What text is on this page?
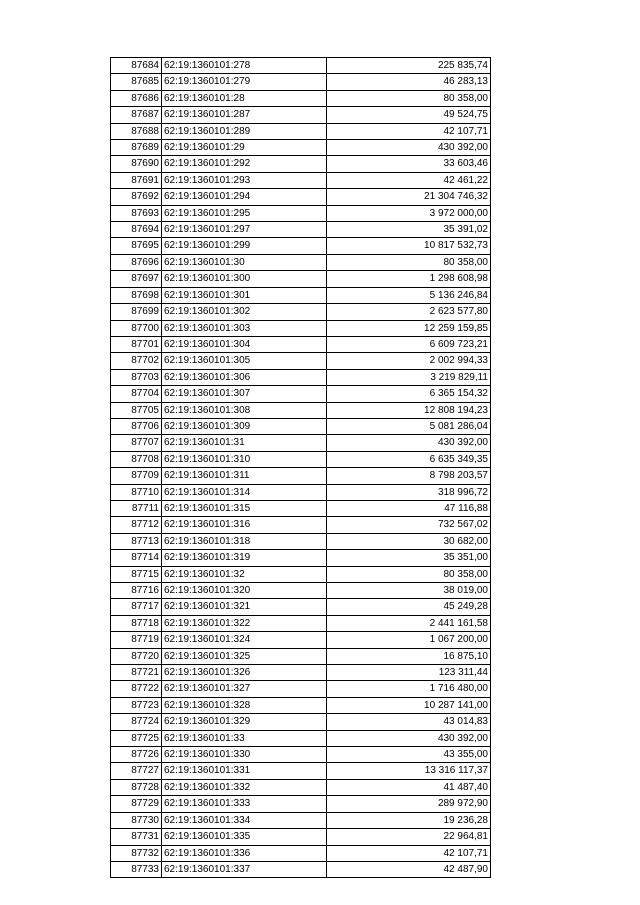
87684	62:19:1360101:278	225 835,74
87685	62:19:1360101:279	46 283,13
87686	62:19:1360101:28	80 358,00
87687	62:19:1360101:287	49 524,75
87688	62:19:1360101:289	42 107,71
87689	62:19:1360101:29	430 392,00
87690	62:19:1360101:292	33 603,46
87691	62:19:1360101:293	42 461,22
87692	62:19:1360101:294	21 304 746,32
87693	62:19:1360101:295	3 972 000,00
87694	62:19:1360101:297	35 391,02
87695	62:19:1360101:299	10 817 532,73
87696	62:19:1360101:30	80 358,00
87697	62:19:1360101:300	1 298 608,98
87698	62:19:1360101:301	5 136 246,84
87699	62:19:1360101:302	2 623 577,80
87700	62:19:1360101:303	12 259 159,85
87701	62:19:1360101:304	6 609 723,21
87702	62:19:1360101:305	2 002 994,33
87703	62:19:1360101:306	3 219 829,11
87704	62:19:1360101:307	6 365 154,32
87705	62:19:1360101:308	12 808 194,23
87706	62:19:1360101:309	5 081 286,04
87707	62:19:1360101:31	430 392,00
87708	62:19:1360101:310	6 635 349,35
87709	62:19:1360101:311	8 798 203,57
87710	62:19:1360101:314	318 996,72
87711	62:19:1360101:315	47 116,88
87712	62:19:1360101:316	732 567,02
87713	62:19:1360101:318	30 682,00
87714	62:19:1360101:319	35 351,00
87715	62:19:1360101:32	80 358,00
87716	62:19:1360101:320	38 019,00
87717	62:19:1360101:321	45 249,28
87718	62:19:1360101:322	2 441 161,58
87719	62:19:1360101:324	1 067 200,00
87720	62:19:1360101:325	16 875,10
87721	62:19:1360101:326	123 311,44
87722	62:19:1360101:327	1 716 480,00
87723	62:19:1360101:328	10 287 141,00
87724	62:19:1360101:329	43 014,83
87725	62:19:1360101:33	430 392,00
87726	62:19:1360101:330	43 355,00
87727	62:19:1360101:331	13 316 117,37
87728	62:19:1360101:332	41 487,40
87729	62:19:1360101:333	289 972,90
87730	62:19:1360101:334	19 236,28
87731	62:19:1360101:335	22 964,81
87732	62:19:1360101:336	42 107,71
87733	62:19:1360101:337	42 487,90
